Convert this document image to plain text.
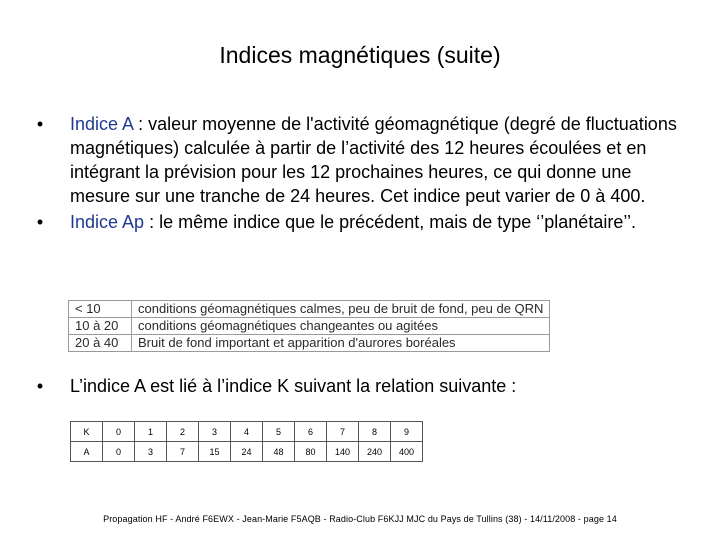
Indices magnétiques (suite)
•	Indice A : valeur moyenne de l'activité géomagnétique (degré de fluctuations magnétiques) calculée à partir de l’activité des 12 heures écoulées et en intégrant la prévision pour les 12 prochaines heures, ce qui donne une mesure sur une tranche de 24 heures. Cet indice peut varier de 0 à 400.
•	Indice Ap : le même indice que le précédent, mais de type ‘’planétaire’’.
< 10	conditions géomagnétiques calmes, peu de bruit de fond, peu de QRN
10 à 20	conditions géomagnétiques changeantes ou agitées
20 à 40	Bruit de fond important et apparition d'aurores boréales
•	L’indice A est lié à l’indice K suivant la relation suivante :
K	0	1	2	3	4	5	6	7	8	9
A	0	3	7	15	24	48	80	140	240	400
Propagation HF - André F6EWX - Jean-Marie F5AQB - Radio-Club F6KJJ MJC du Pays de Tullins (38) - 14/11/2008 - page 14
